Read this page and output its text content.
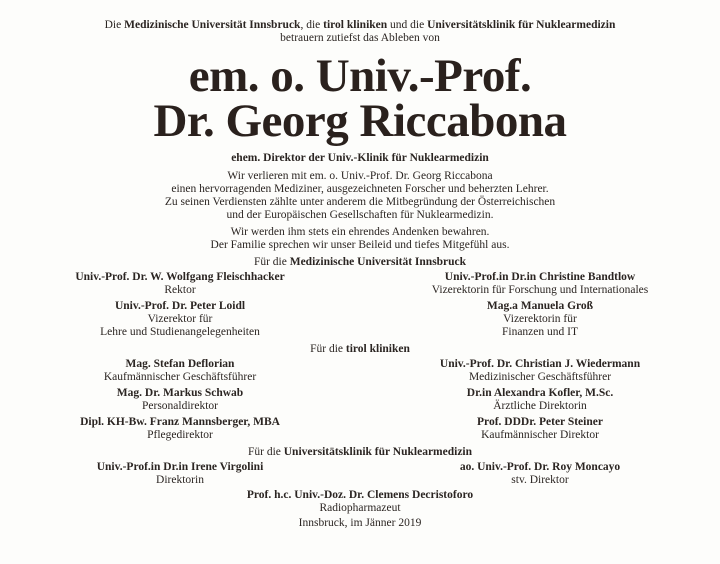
Die Medizinische Universität Innsbruck, die tirol kliniken und die Universitätsklinik für Nuklearmedizin
betrauern zutiefst das Ableben von
em. o. Univ.-Prof.
Dr. Georg Riccabona
ehem. Direktor der Univ.-Klinik für Nuklearmedizin
Wir verlieren mit em. o. Univ.-Prof. Dr. Georg Riccabona
einen hervorragenden Mediziner, ausgezeichneten Forscher und beherzten Lehrer.
Zu seinen Verdiensten zählte unter anderem die Mitbegründung der Österreichischen
und der Europäischen Gesellschaften für Nuklearmedizin.
Wir werden ihm stets ein ehrendes Andenken bewahren.
Der Familie sprechen wir unser Beileid und tiefes Mitgefühl aus.
Für die Medizinische Universität Innsbruck
Univ.-Prof. Dr. W. Wolfgang Fleischhacker
Rektor
Univ.-Prof.in Dr.in Christine Bandtlow
Vizerektorin für Forschung und Internationales
Univ.-Prof. Dr. Peter Loidl
Vizerektor für
Lehre und Studienangelegenheiten
Mag.a Manuela Groß
Vizerektorin für
Finanzen und IT
Für die tirol kliniken
Mag. Stefan Deflorian
Kaufmännischer Geschäftsführer
Univ.-Prof. Dr. Christian J. Wiedermann
Medizinischer Geschäftsführer
Mag. Dr. Markus Schwab
Personaldirektor
Dr.in Alexandra Kofler, M.Sc.
Ärztliche Direktorin
Dipl. KH-Bw. Franz Mannsberger, MBA
Pflegedirektor
Prof. DDDr. Peter Steiner
Kaufmännischer Direktor
Für die Universitätsklinik für Nuklearmedizin
Univ.-Prof.in Dr.in Irene Virgolini
Direktorin
ao. Univ.-Prof. Dr. Roy Moncayo
stv. Direktor
Prof. h.c. Univ.-Doz. Dr. Clemens Decristoforo
Radiopharmazeut
Innsbruck, im Jänner 2019
